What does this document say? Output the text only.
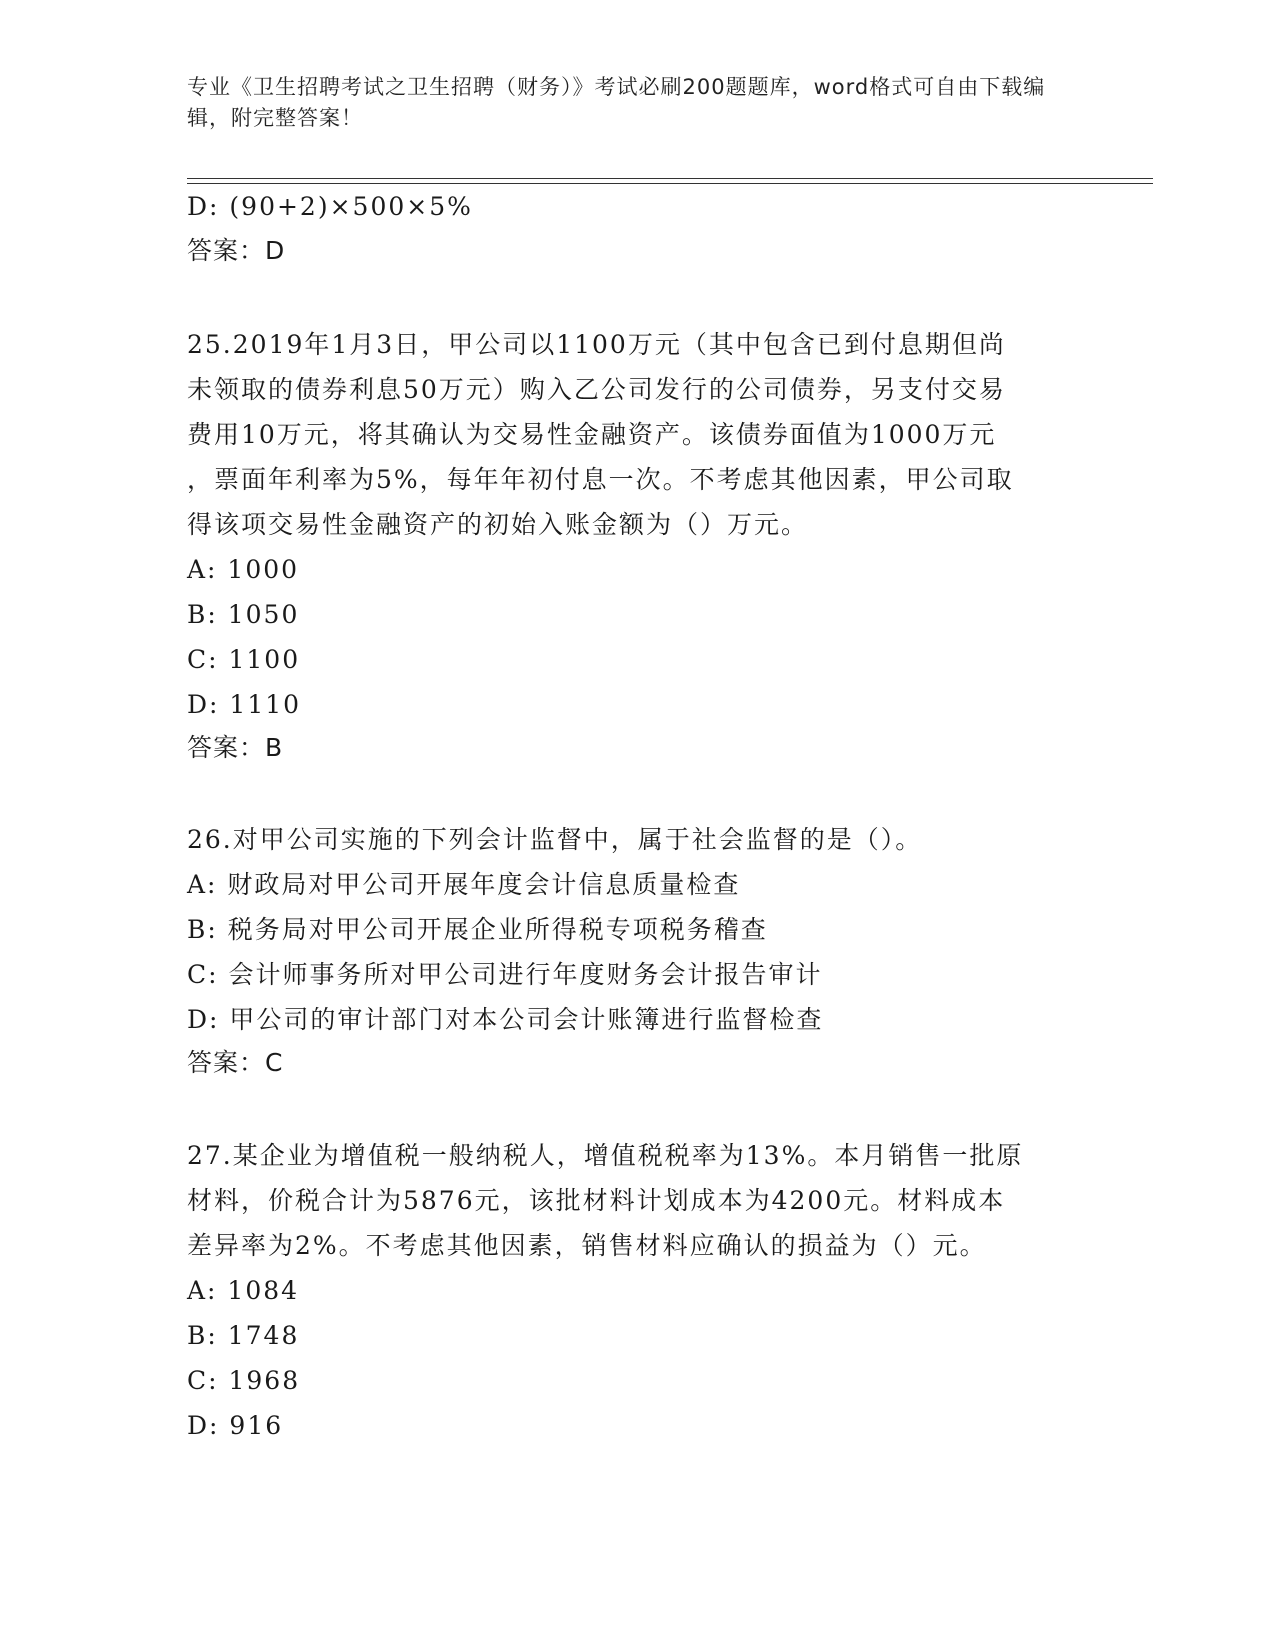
专业《卫生招聘考试之卫生招聘（财务）》考试必刷200题题库，word格式可自由下载编辑，附完整答案！
D: (90+2)×500×5%
答案：D
25.2019年1月3日，甲公司以1100万元（其中包含已到付息期但尚
未领取的债券利息50万元）购入乙公司发行的公司债券，另支付交易
费用10万元，将其确认为交易性金融资产。该债券面值为1000万元
，票面年利率为5%，每年年初付息一次。不考虑其他因素，甲公司取
得该项交易性金融资产的初始入账金额为（）万元。
A: 1000
B: 1050
C: 1100
D: 1110
答案：B
26.对甲公司实施的下列会计监督中，属于社会监督的是（）。
A: 财政局对甲公司开展年度会计信息质量检查
B: 税务局对甲公司开展企业所得税专项税务稽查
C: 会计师事务所对甲公司进行年度财务会计报告审计
D: 甲公司的审计部门对本公司会计账簿进行监督检查
答案：C
27.某企业为增值税一般纳税人，增值税税率为13%。本月销售一批原
材料，价税合计为5876元，该批材料计划成本为4200元。材料成本
差异率为2%。不考虑其他因素，销售材料应确认的损益为（）元。
A: 1084
B: 1748
C: 1968
D: 916
